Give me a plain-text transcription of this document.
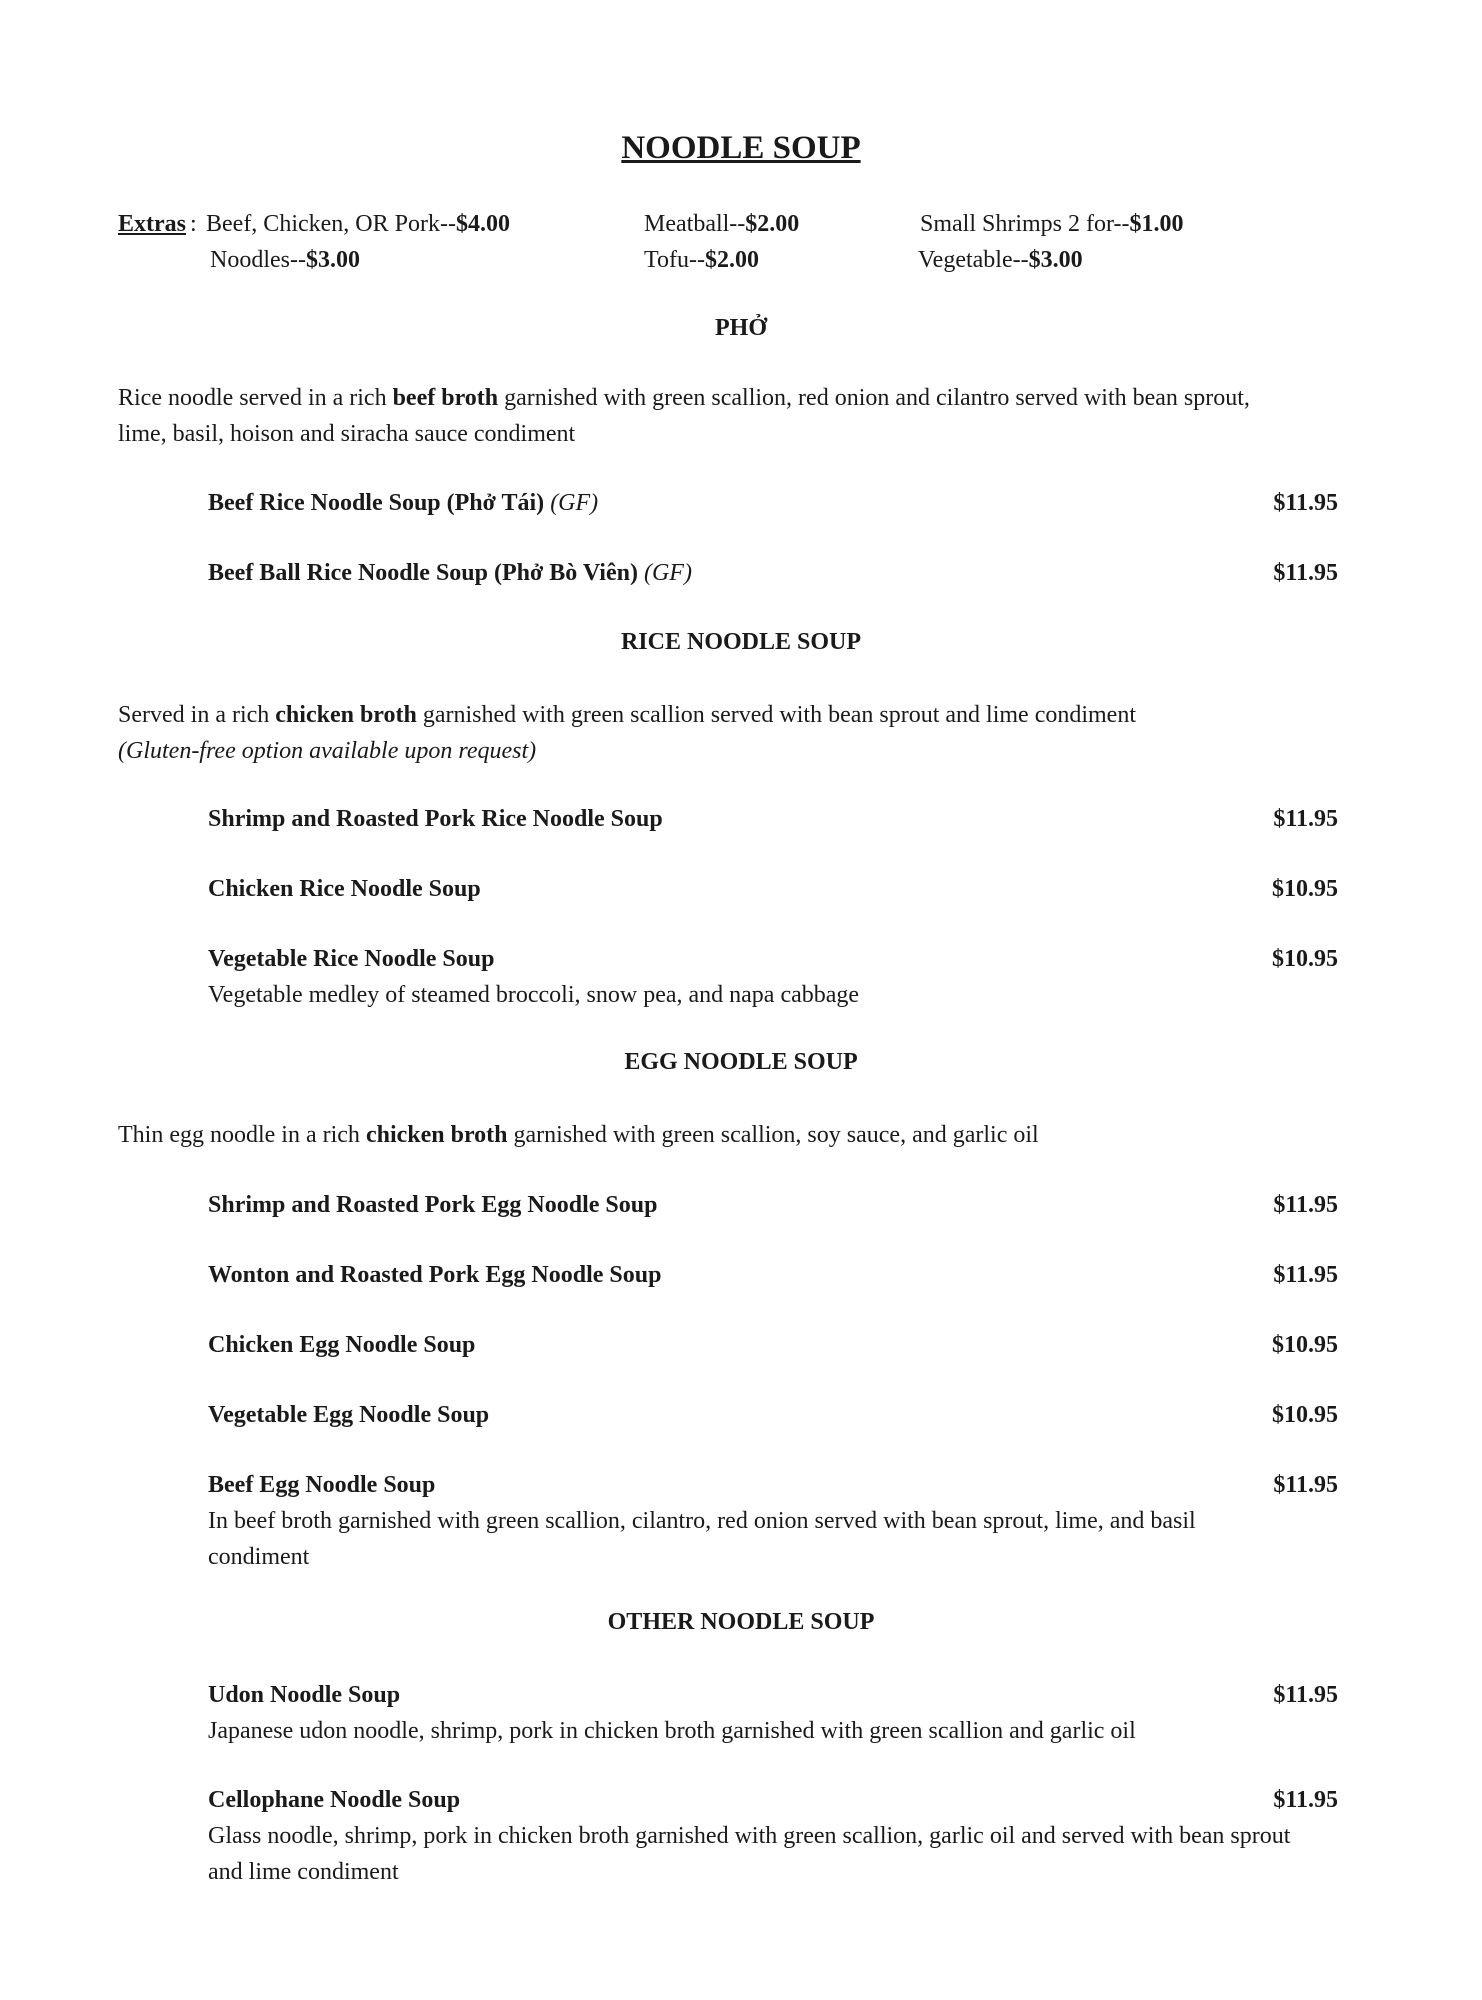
NOODLE SOUP
Extras : Beef, Chicken, OR Pork--$4.00	Meatball--$2.00	Small Shrimps 2 for--$1.00
Noodles--$3.00	Tofu--$2.00	Vegetable--$3.00
PHỞ
Rice noodle served in a rich beef broth garnished with green scallion, red onion and cilantro served with bean sprout, lime, basil, hoison and siracha sauce condiment
Beef Rice Noodle Soup (Phở Tái) (GF)	$11.95
Beef Ball Rice Noodle Soup (Phở Bò Viên) (GF)	$11.95
RICE NOODLE SOUP
Served in a rich chicken broth garnished with green scallion served with bean sprout and lime condiment
(Gluten-free option available upon request)
Shrimp and Roasted Pork Rice Noodle Soup	$11.95
Chicken Rice Noodle Soup	$10.95
Vegetable Rice Noodle Soup	$10.95
Vegetable medley of steamed broccoli, snow pea, and napa cabbage
EGG NOODLE SOUP
Thin egg noodle in a rich chicken broth garnished with green scallion, soy sauce, and garlic oil
Shrimp and Roasted Pork Egg Noodle Soup	$11.95
Wonton and Roasted Pork Egg Noodle Soup	$11.95
Chicken Egg Noodle Soup	$10.95
Vegetable Egg Noodle Soup	$10.95
Beef Egg Noodle Soup	$11.95
In beef broth garnished with green scallion, cilantro, red onion served with bean sprout, lime, and basil condiment
OTHER NOODLE SOUP
Udon Noodle Soup	$11.95
Japanese udon noodle, shrimp, pork in chicken broth garnished with green scallion and garlic oil
Cellophane Noodle Soup	$11.95
Glass noodle, shrimp, pork in chicken broth garnished with green scallion, garlic oil and served with bean sprout and lime condiment
